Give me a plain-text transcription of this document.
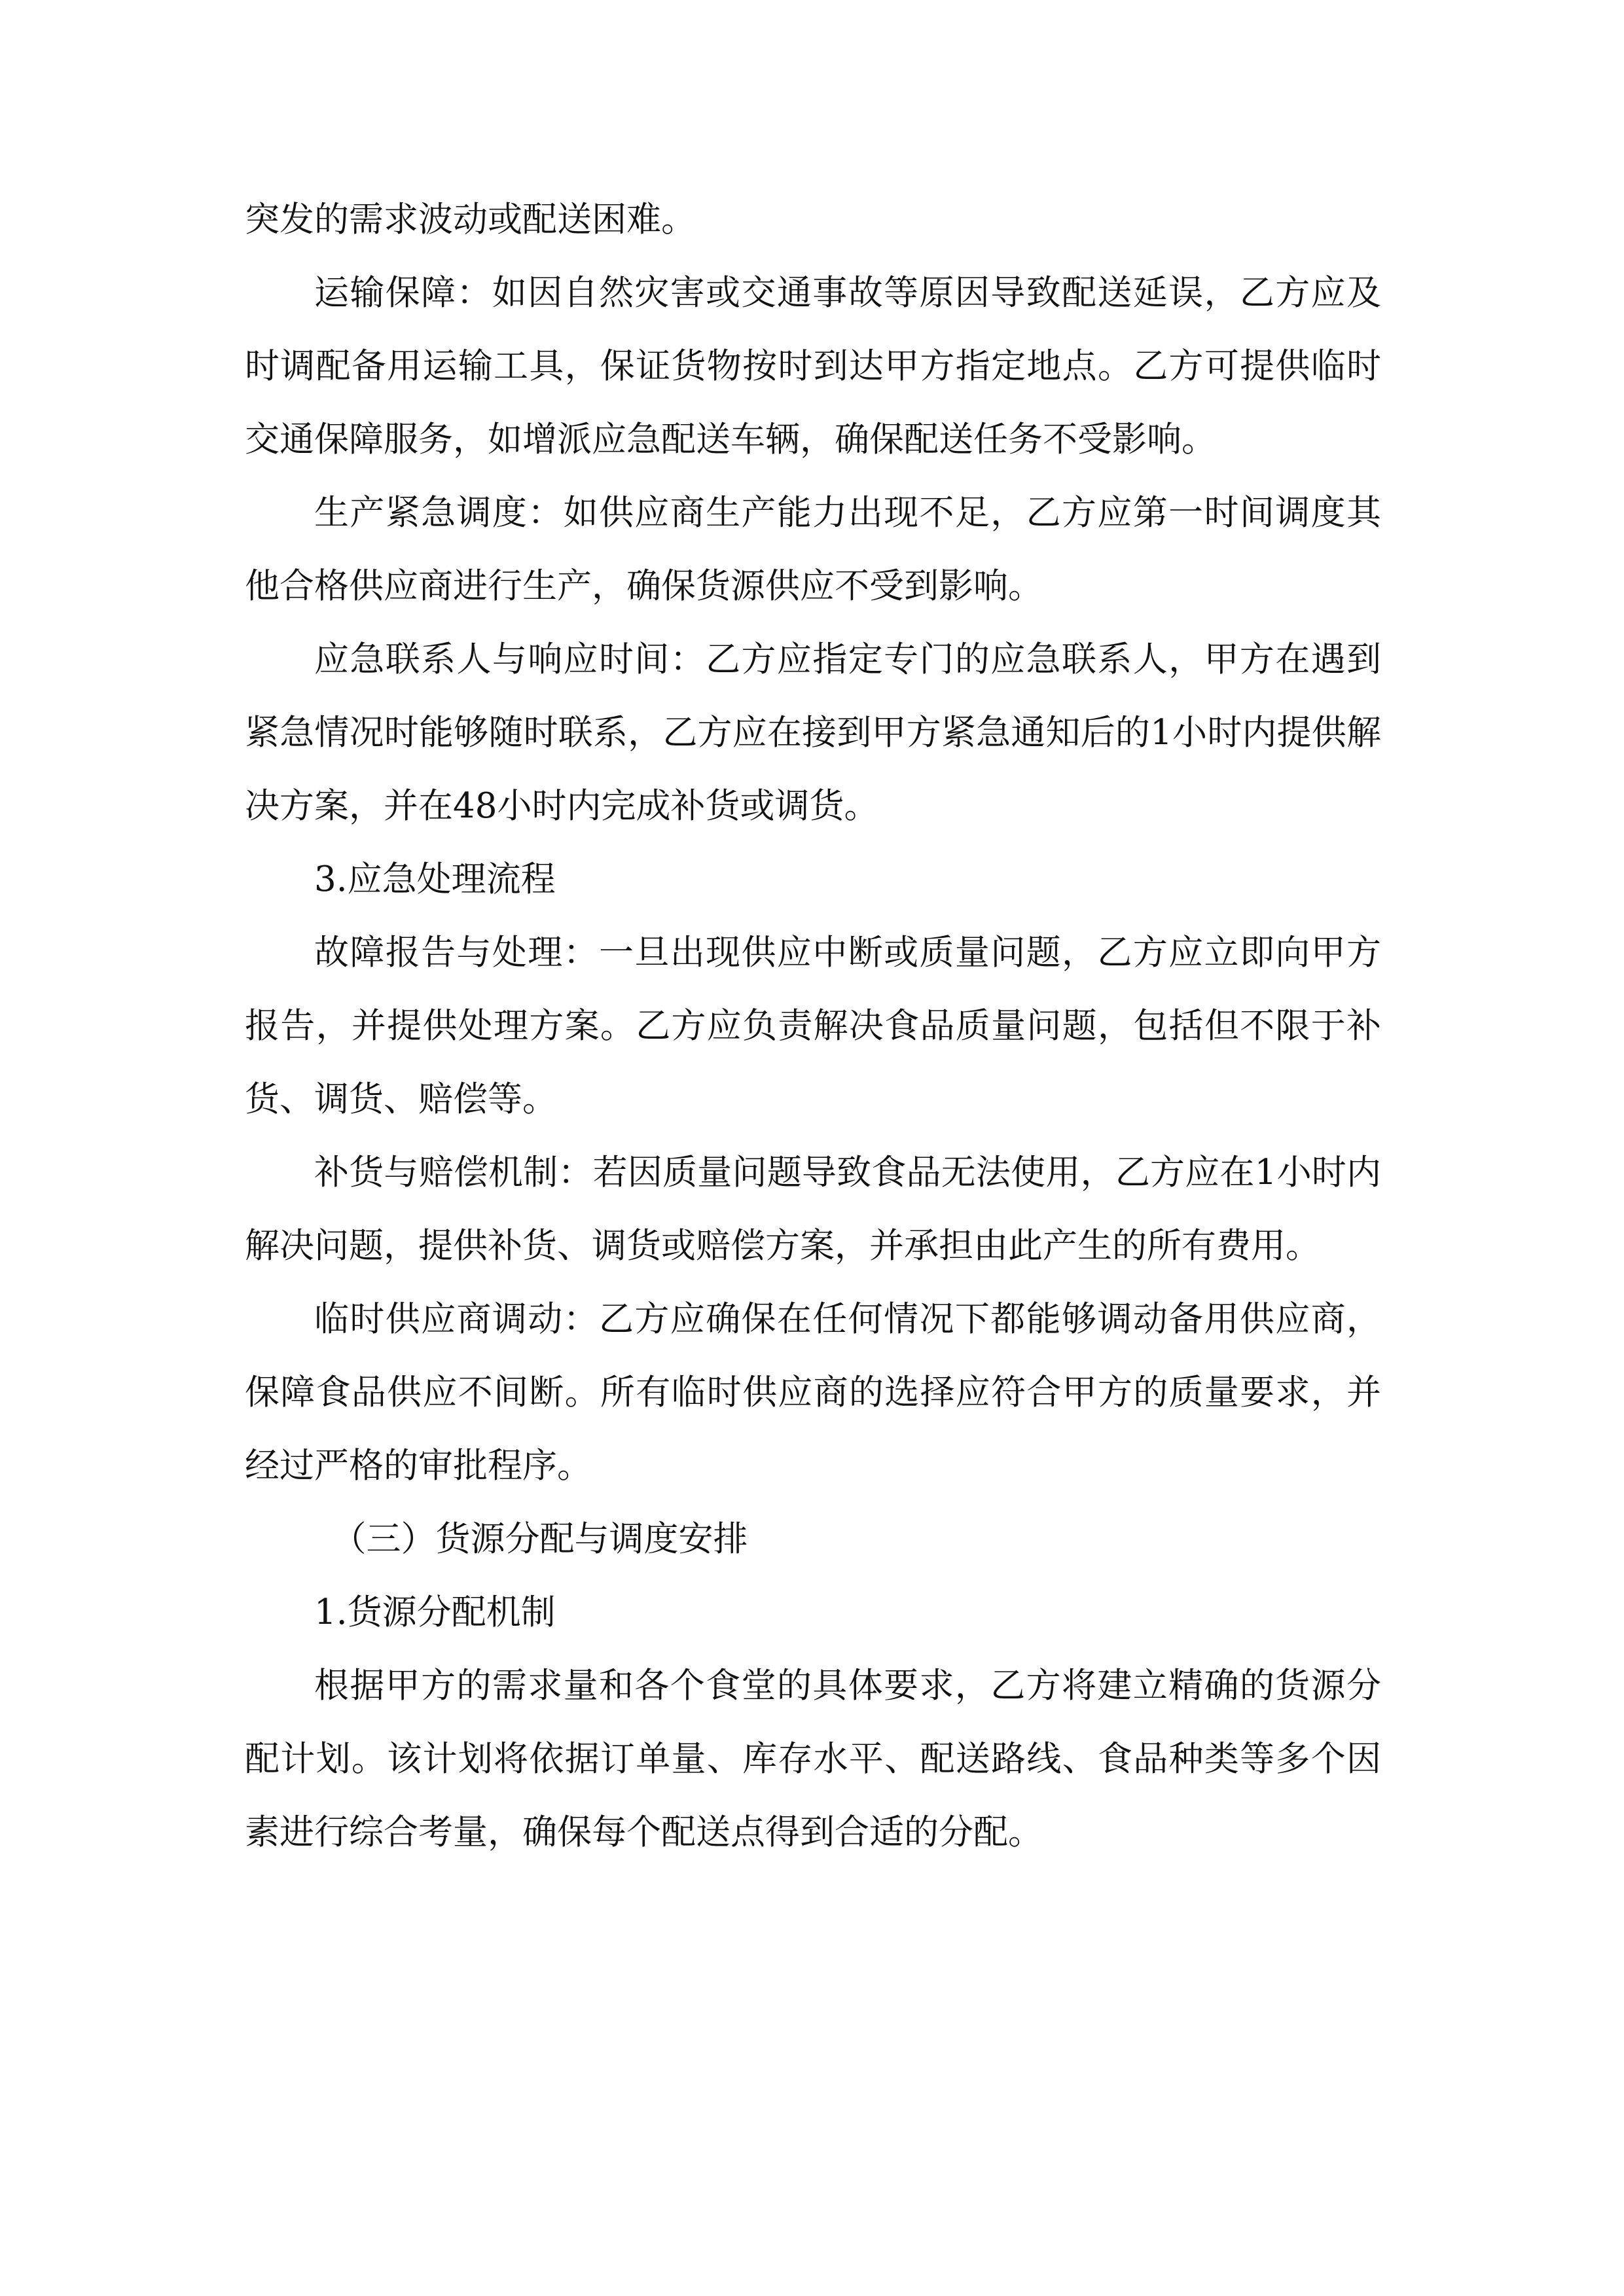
突发的需求波动或配送困难。

运输保障：如因自然灾害或交通事故等原因导致配送延误，乙方应及时调配备用运输工具，保证货物按时到达甲方指定地点。乙方可提供临时交通保障服务，如增派应急配送车辆，确保配送任务不受影响。

生产紧急调度：如供应商生产能力出现不足，乙方应第一时间调度其他合格供应商进行生产，确保货源供应不受到影响。

应急联系人与响应时间：乙方应指定专门的应急联系人，甲方在遇到紧急情况时能够随时联系，乙方应在接到甲方紧急通知后的1小时内提供解决方案，并在48小时内完成补货或调货。

3.应急处理流程

故障报告与处理：一旦出现供应中断或质量问题，乙方应立即向甲方报告，并提供处理方案。乙方应负责解决食品质量问题，包括但不限于补货、调货、赔偿等。

补货与赔偿机制：若因质量问题导致食品无法使用，乙方应在1小时内解决问题，提供补货、调货或赔偿方案，并承担由此产生的所有费用。

临时供应商调动：乙方应确保在任何情况下都能够调动备用供应商，保障食品供应不间断。所有临时供应商的选择应符合甲方的质量要求，并经过严格的审批程序。

（三）货源分配与调度安排

1.货源分配机制

根据甲方的需求量和各个食堂的具体要求，乙方将建立精确的货源分配计划。该计划将依据订单量、库存水平、配送路线、食品种类等多个因素进行综合考量，确保每个配送点得到合适的分配。
